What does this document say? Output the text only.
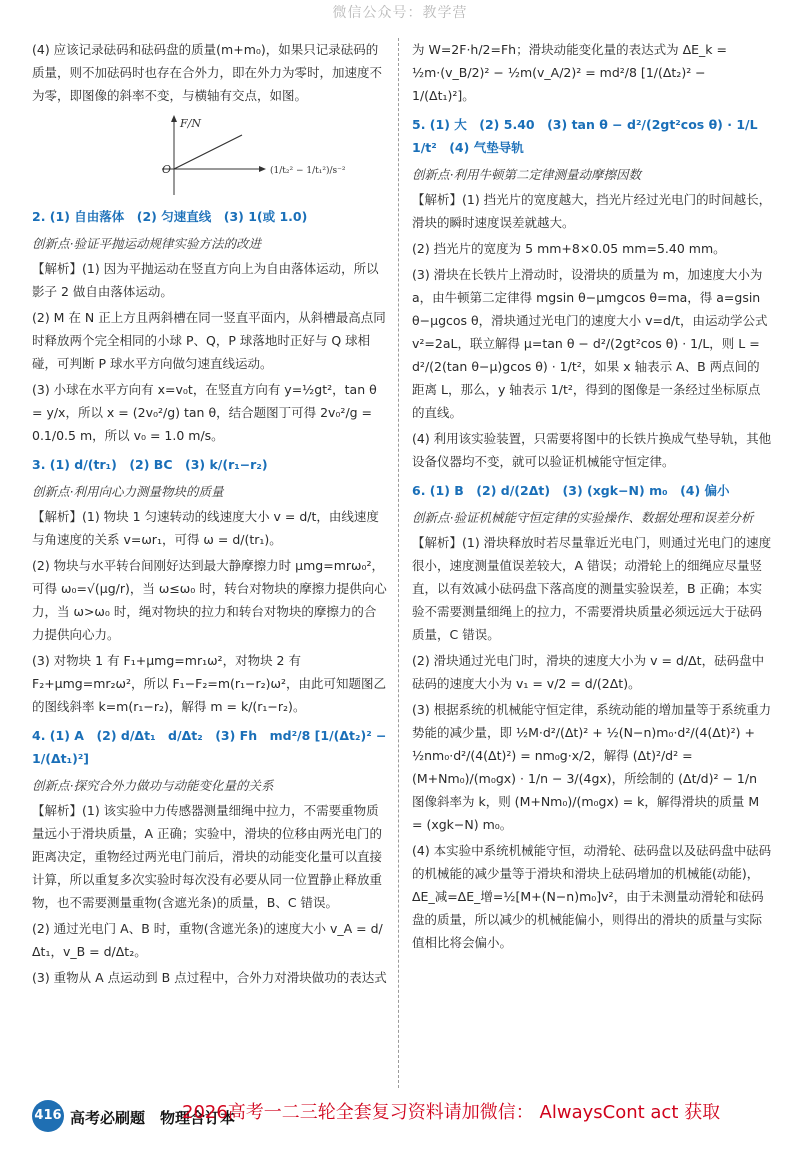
微信公众号：教学营

(4) 应该记录砝码和砝码盘的质量(m+m₀)，如果只记录砝码的质量，则不加砝码时也存在合外力，即在外力为零时，加速度不为零，即图像的斜率不变，与横轴有交点，如图。

F/N
O	(1/t₂² − 1/t₁²)/s⁻²

2. (1) 自由落体　(2) 匀速直线　(3) 1(或 1.0)

创新点·验证平抛运动规律实验方法的改进

【解析】(1) 因为平抛运动在竖直方向上为自由落体运动，所以影子 2 做自由落体运动。

(2) M 在 N 正上方且两斜槽在同一竖直平面内，从斜槽最高点同时释放两个完全相同的小球 P、Q，P 球落地时正好与 Q 球相碰，可判断 P 球水平方向做匀速直线运动。

(3) 小球在水平方向有 x=v₀t，在竖直方向有 y=½gt²，tan θ = y/x，所以 x = (2v₀²/g) tan θ，结合题图丁可得 2v₀²/g = 0.1/0.5 m，所以 v₀ = 1.0 m/s。

3. (1) d/(tr₁)　(2) BC　(3) k/(r₁−r₂)

创新点·利用向心力测量物块的质量

【解析】(1) 物块 1 匀速转动的线速度大小 v = d/t，由线速度与角速度的关系 v=ωr₁，可得 ω = d/(tr₁)。

(2) 物块与水平转台间刚好达到最大静摩擦力时 μmg=mrω₀²，可得 ω₀=√(μg/r)，当 ω≤ω₀ 时，转台对物块的摩擦力提供向心力，当 ω>ω₀ 时，绳对物块的拉力和转台对物块的摩擦力的合力提供向心力。

(3) 对物块 1 有 F₁+μmg=mr₁ω²，对物块 2 有 F₂+μmg=mr₂ω²，所以 F₁−F₂=m(r₁−r₂)ω²，由此可知题图乙的图线斜率 k=m(r₁−r₂)，解得 m = k/(r₁−r₂)。

4. (1) A　(2) d/Δt₁　d/Δt₂　(3) Fh　md²/8 [1/(Δt₂)² − 1/(Δt₁)²]

创新点·探究合外力做功与动能变化量的关系

【解析】(1) 该实验中力传感器测量细绳中拉力，不需要重物质量远小于滑块质量，A 正确；实验中，滑块的位移由两光电门的距离决定，重物经过两光电门前后，滑块的动能变化量可以直接计算，所以重复多次实验时每次没有必要从同一位置静止释放重物，也不需要测量重物(含遮光条)的质量，B、C 错误。

(2) 通过光电门 A、B 时，重物(含遮光条)的速度大小 v_A = d/Δt₁，v_B = d/Δt₂。

(3) 重物从 A 点运动到 B 点过程中，合外力对滑块做功的表达式

为 W=2F·h/2=Fh；滑块动能变化量的表达式为 ΔE_k = ½m·(v_B/2)² − ½m(v_A/2)² = md²/8 [1/(Δt₂)² − 1/(Δt₁)²]。

5. (1) 大　(2) 5.40　(3) tan θ − d²/(2gt²cos θ) · 1/L　1/t²　(4) 气垫导轨

创新点·利用牛顿第二定律测量动摩擦因数

【解析】(1) 挡光片的宽度越大，挡光片经过光电门的时间越长，滑块的瞬时速度误差就越大。

(2) 挡光片的宽度为 5 mm+8×0.05 mm=5.40 mm。

(3) 滑块在长铁片上滑动时，设滑块的质量为 m，加速度大小为 a，由牛顿第二定律得 mgsin θ−μmgcos θ=ma，得 a=gsin θ−μgcos θ，滑块通过光电门的速度大小 v=d/t，由运动学公式 v²=2aL，联立解得 μ=tan θ − d²/(2gt²cos θ) · 1/L，则 L = d²/(2(tan θ−μ)gcos θ) · 1/t²，如果 x 轴表示 A、B 两点间的距离 L，那么，y 轴表示 1/t²，得到的图像是一条经过坐标原点的直线。

(4) 利用该实验装置，只需要将图中的长铁片换成气垫导轨，其他设备仪器均不变，就可以验证机械能守恒定律。

6. (1) B　(2) d/(2Δt)　(3) (xgk−N) m₀　(4) 偏小

创新点·验证机械能守恒定律的实验操作、数据处理和误差分析

【解析】(1) 滑块释放时若尽量靠近光电门，则通过光电门的速度很小，速度测量值误差较大，A 错误；动滑轮上的细绳应尽量竖直，以有效减小砝码盘下落高度的测量实验误差，B 正确；本实验不需要测量细绳上的拉力，不需要滑块质量必须远远大于砝码质量，C 错误。

(2) 滑块通过光电门时，滑块的速度大小为 v = d/Δt，砝码盘中砝码的速度大小为 v₁ = v/2 = d/(2Δt)。

(3) 根据系统的机械能守恒定律，系统动能的增加量等于系统重力势能的减少量，即 ½M·d²/(Δt)² + ½(N−n)m₀·d²/(4(Δt)²) + ½nm₀·d²/(4(Δt)²) = nm₀g·x/2，解得 (Δt)²/d² = (M+Nm₀)/(m₀gx) · 1/n − 3/(4gx)，所绘制的 (Δt/d)² − 1/n 图像斜率为 k，则 (M+Nm₀)/(m₀gx) = k，解得滑块的质量 M = (xgk−N) m₀。

(4) 本实验中系统机械能守恒，动滑轮、砝码盘以及砝码盘中砝码的机械能的减少量等于滑块和滑块上砝码增加的机械能(动能)，ΔE_减=ΔE_增=½[M+(N−n)m₀]v²，由于未测量动滑轮和砝码盘的质量，所以减少的机械能偏小，则得出的滑块的质量与实际值相比将会偏小。

416 高考必刷题　物理合订本
2026高考一二三轮全套复习资料请加微信： AlwaysCont act 获取
